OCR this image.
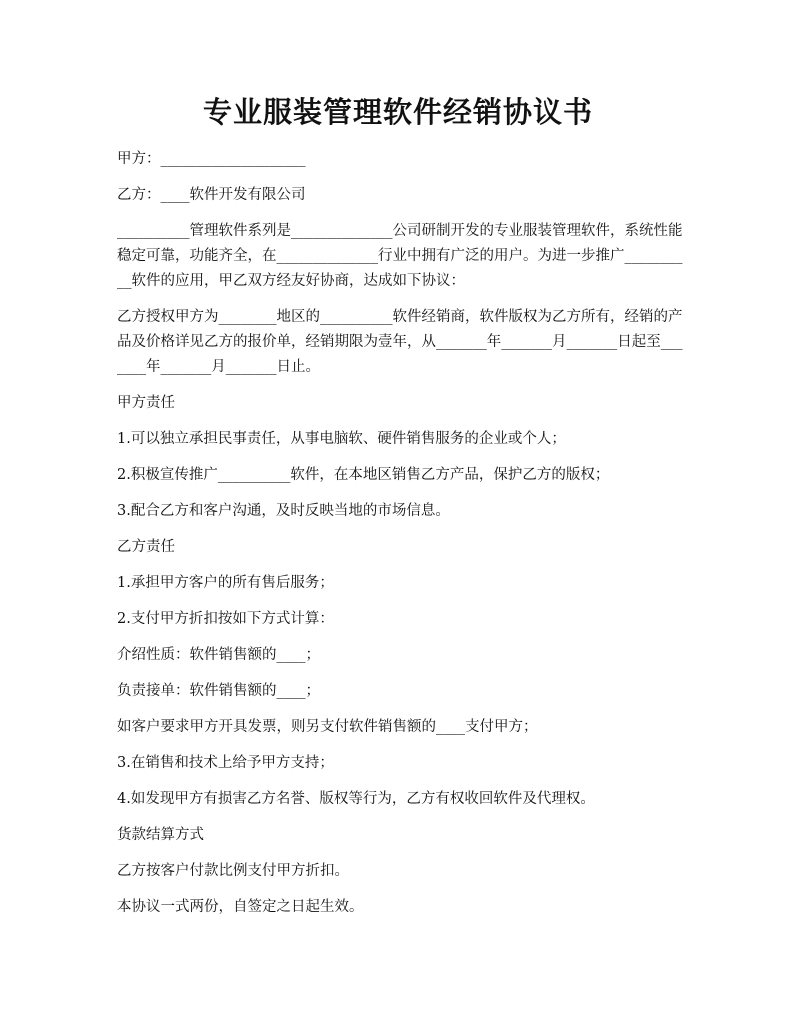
专业服装管理软件经销协议书

甲方：____________________

乙方：____软件开发有限公司

__________管理软件系列是______________公司研制开发的专业服装管理软件，系统性能稳定可靠，功能齐全，在______________行业中拥有广泛的用户。为进一步推广__________软件的应用，甲乙双方经友好协商，达成如下协议：

乙方授权甲方为________地区的__________软件经销商，软件版权为乙方所有，经销的产品及价格详见乙方的报价单，经销期限为壹年，从_______年_______月_______日起至_______年_______月_______日止。

甲方责任

1.可以独立承担民事责任，从事电脑软、硬件销售服务的企业或个人；

2.积极宣传推广__________软件，在本地区销售乙方产品，保护乙方的版权；

3.配合乙方和客户沟通，及时反映当地的市场信息。

乙方责任

1.承担甲方客户的所有售后服务；

2.支付甲方折扣按如下方式计算：

介绍性质：软件销售额的____；

负责接单：软件销售额的____；

如客户要求甲方开具发票，则另支付软件销售额的____支付甲方；

3.在销售和技术上给予甲方支持；

4.如发现甲方有损害乙方名誉、版权等行为，乙方有权收回软件及代理权。

货款结算方式

乙方按客户付款比例支付甲方折扣。

本协议一式两份，自签定之日起生效。
